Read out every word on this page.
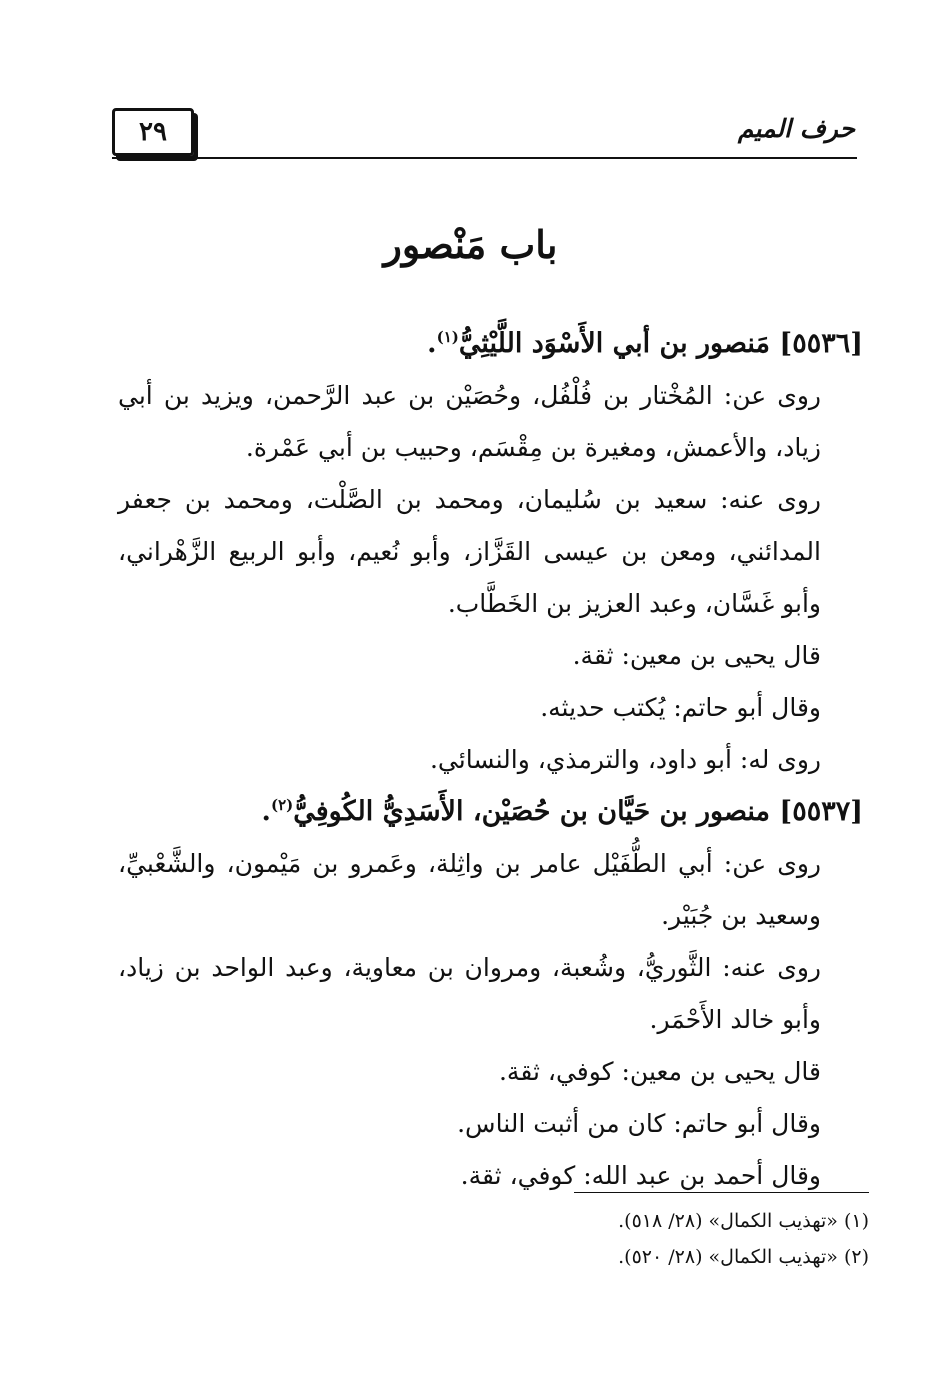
٢٩	حرف الميم
باب مَنْصور

[٥٥٣٦] مَنصور بن أبي الأَسْوَد اللَّيْثِيُّ$^{(١)}$.

روى عن: المُخْتار بن فُلْفُل، وحُصَيْن بن عبد الرَّحمن، ويزيد بن أبي زياد، والأعمش، ومغيرة بن مِقْسَم، وحبيب بن أبي عَمْرة.

روى عنه: سعيد بن سُليمان، ومحمد بن الصَّلْت، ومحمد بن جعفر المدائني، ومعن بن عيسى القَزَّاز، وأبو نُعيم، وأبو الربيع الزَّهْراني، وأبو غَسَّان، وعبد العزيز بن الخَطَّاب.

قال يحيى بن معين: ثقة.

وقال أبو حاتم: يُكتب حديثه.

روى له: أبو داود، والترمذي، والنسائي.

[٥٥٣٧] منصور بن حَيَّان بن حُصَيْن، الأَسَدِيُّ الكُوفِيُّ$^{(٢)}$.

روى عن: أبي الطُّفَيْل عامر بن واثِلة، وعَمرو بن مَيْمون، والشَّعْبيِّ، وسعيد بن جُبَيْر.

روى عنه: الثَّوريُّ، وشُعبة، ومروان بن معاوية، وعبد الواحد بن زياد، وأبو خالد الأَحْمَر.

قال يحيى بن معين: كوفي، ثقة.

وقال أبو حاتم: كان من أثبت الناس.

وقال أحمد بن عبد الله: كوفي، ثقة.

(١) «تهذيب الكمال» (٢٨/ ٥١٨).

(٢) «تهذيب الكمال» (٢٨/ ٥٢٠).
